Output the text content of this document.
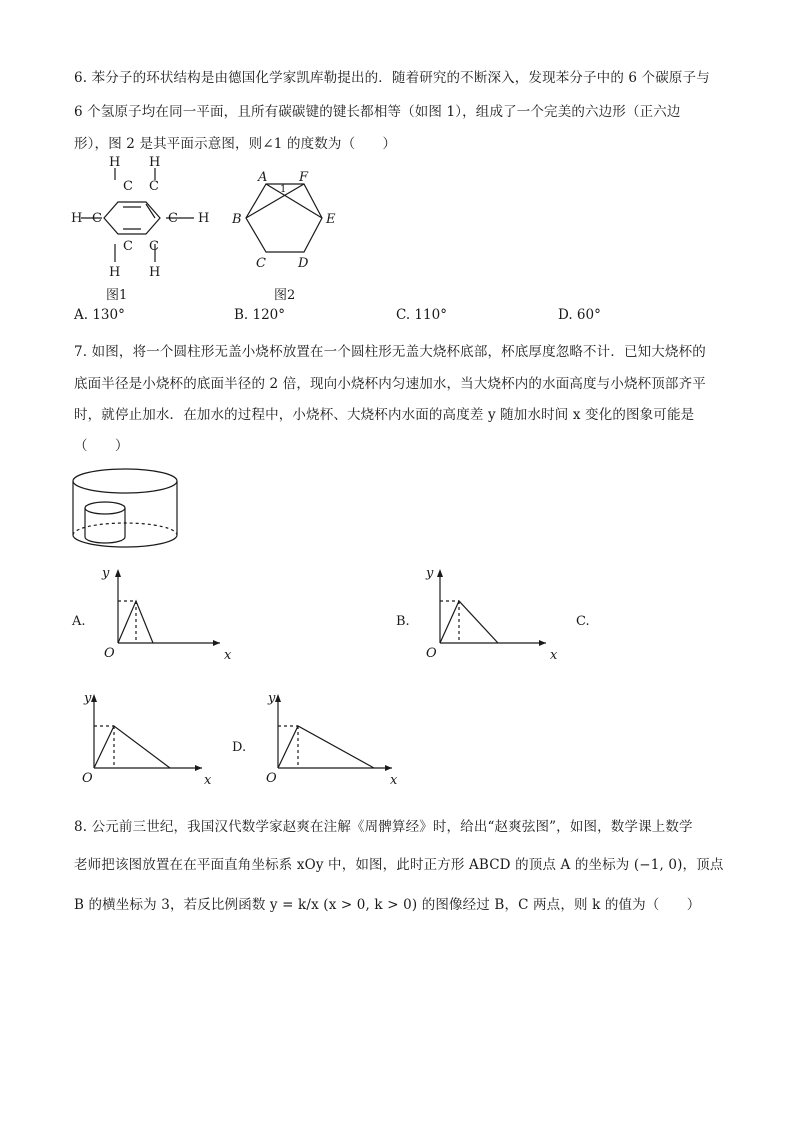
6. 苯分子的环状结构是由德国化学家凯库勒提出的．随着研究的不断深入，发现苯分子中的 6 个碳原子与
6 个氢原子均在同一平面，且所有碳碳键的键长都相等（如图 1），组成了一个完美的六边形（正六边
形），图 2 是其平面示意图，则∠1 的度数为（　　）
H H
C C
H C	C H
C C
H H
图1
A F
B	E
C D
1
图2
A. 130°	B. 120°	C. 110°	D. 60°
7. 如图，将一个圆柱形无盖小烧杯放置在一个圆柱形无盖大烧杯底部，杯底厚度忽略不计．已知大烧杯的
底面半径是小烧杯的底面半径的 2 倍，现向小烧杯内匀速加水，当大烧杯内的水面高度与小烧杯顶部齐平
时，就停止加水．在加水的过程中，小烧杯、大烧杯内水面的高度差 y 随加水时间 x 变化的图象可能是
（　　）
A.
y
x
O
B.
y
x
O
C.
y
x
O
D.
y
x
O
8. 公元前三世纪，我国汉代数学家赵爽在注解《周髀算经》时，给出“赵爽弦图”，如图，数学课上数学
老师把该图放置在在平面直角坐标系 xOy 中，如图，此时正方形 ABCD 的顶点 A 的坐标为 (−1, 0)，顶点
B 的横坐标为 3，若反比例函数 y = k/x (x > 0, k > 0) 的图像经过 B，C 两点，则 k 的值为（　　）
